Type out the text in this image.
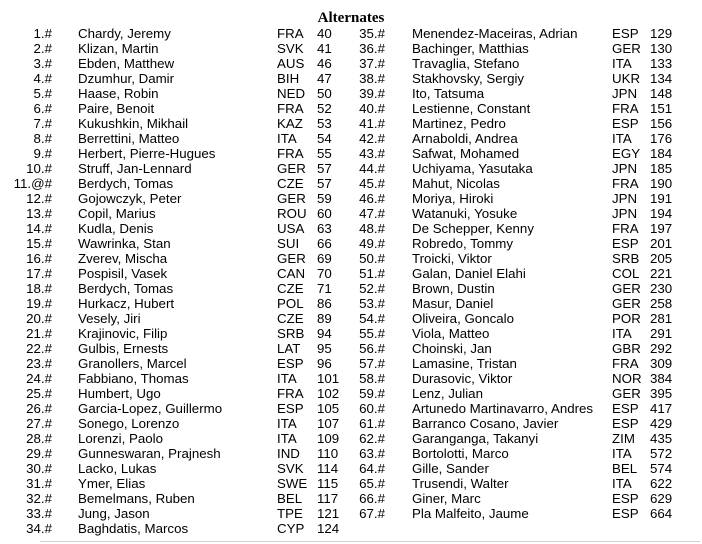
Alternates
1.# Chardy, Jeremy	FRA 40	35.# Menendez-Maceiras, Adrian	ESP 129
2.# Klizan, Martin	SVK 41	36.# Bachinger, Matthias	GER 130
3.# Ebden, Matthew	AUS 46	37.# Travaglia, Stefano	ITA 133
4.# Dzumhur, Damir	BIH 47	38.# Stakhovsky, Sergiy	UKR 134
5.# Haase, Robin	NED 50	39.# Ito, Tatsuma	JPN 148
6.# Paire, Benoit	FRA 52	40.# Lestienne, Constant	FRA 151
7.# Kukushkin, Mikhail	KAZ 53	41.# Martinez, Pedro	ESP 156
8.# Berrettini, Matteo	ITA 54	42.# Arnaboldi, Andrea	ITA 176
9.# Herbert, Pierre-Hugues	FRA 55	43.# Safwat, Mohamed	EGY 184
10.# Struff, Jan-Lennard	GER 57	44.# Uchiyama, Yasutaka	JPN 185
11.@# Berdych, Tomas	CZE 57	45.# Mahut, Nicolas	FRA 190
12.# Gojowczyk, Peter	GER 59	46.# Moriya, Hiroki	JPN 191
13.# Copil, Marius	ROU 60	47.# Watanuki, Yosuke	JPN 194
14.# Kudla, Denis	USA 63	48.# De Schepper, Kenny	FRA 197
15.# Wawrinka, Stan	SUI 66	49.# Robredo, Tommy	ESP 201
16.# Zverev, Mischa	GER 69	50.# Troicki, Viktor	SRB 205
17.# Pospisil, Vasek	CAN 70	51.# Galan, Daniel Elahi	COL 221
18.# Berdych, Tomas	CZE 71	52.# Brown, Dustin	GER 230
19.# Hurkacz, Hubert	POL 86	53.# Masur, Daniel	GER 258
20.# Vesely, Jiri	CZE 89	54.# Oliveira, Goncalo	POR 281
21.# Krajinovic, Filip	SRB 94	55.# Viola, Matteo	ITA 291
22.# Gulbis, Ernests	LAT 95	56.# Choinski, Jan	GBR 292
23.# Granollers, Marcel	ESP 96	57.# Lamasine, Tristan	FRA 309
24.# Fabbiano, Thomas	ITA 101	58.# Durasovic, Viktor	NOR 384
25.# Humbert, Ugo	FRA 102	59.# Lenz, Julian	GER 395
26.# Garcia-Lopez, Guillermo	ESP 105	60.# Artunedo Martinavarro, Andres ESP 417
27.# Sonego, Lorenzo	ITA 107	61.# Barranco Cosano, Javier	ESP 429
28.# Lorenzi, Paolo	ITA 109	62.# Garanganga, Takanyi	ZIM 435
29.# Gunneswaran, Prajnesh	IND 110	63.# Bortolotti, Marco	ITA 572
30.# Lacko, Lukas	SVK 114	64.# Gille, Sander	BEL 574
31.# Ymer, Elias	SWE 115	65.# Trusendi, Walter	ITA 622
32.# Bemelmans, Ruben	BEL 117	66.# Giner, Marc	ESP 629
33.# Jung, Jason	TPE 121	67.# Pla Malfeito, Jaume	ESP 664
34.# Baghdatis, Marcos	CYP 124
